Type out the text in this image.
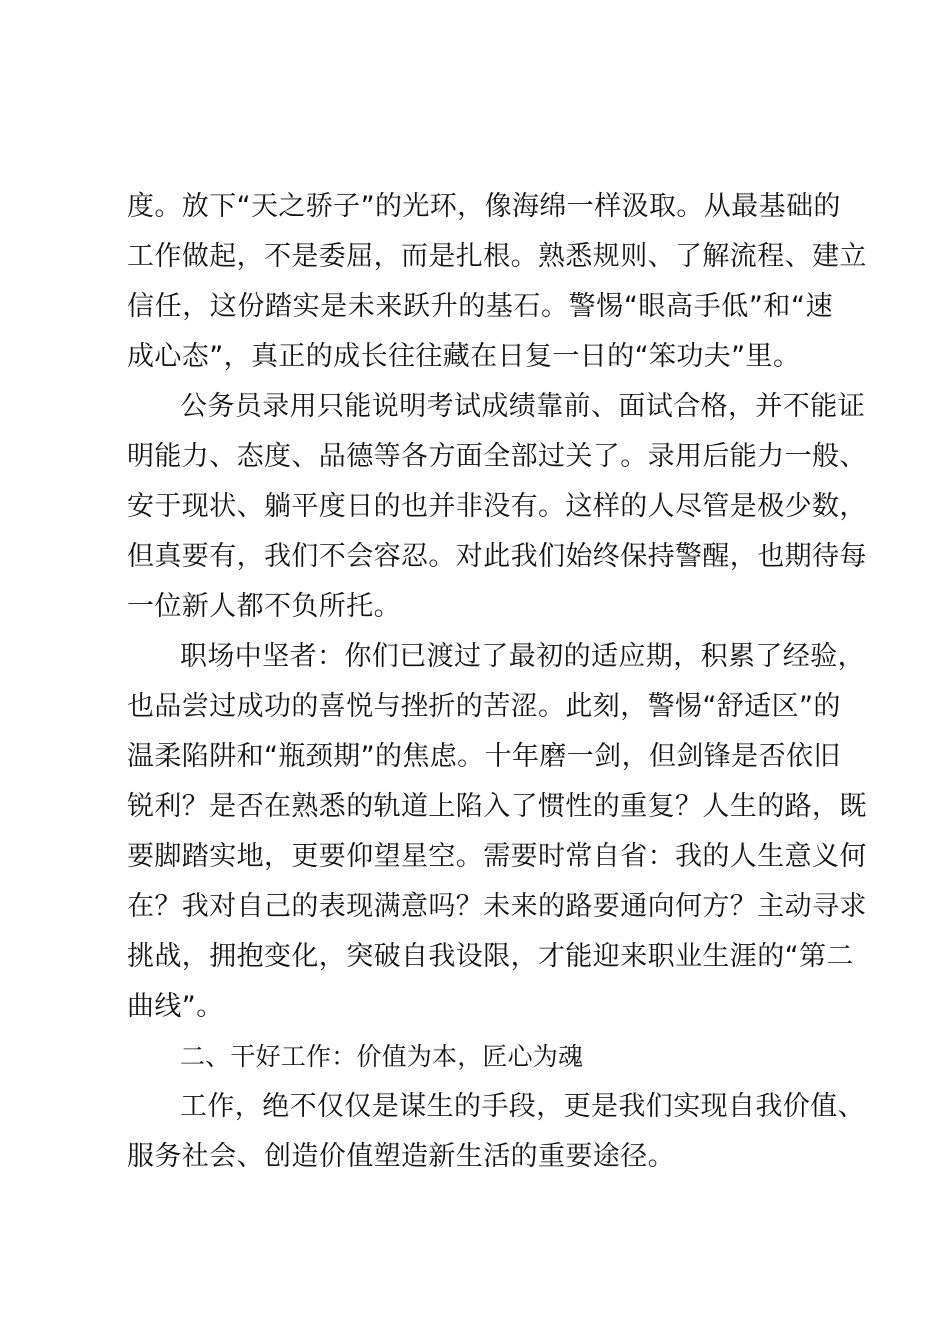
度。放下“天之骄子”的光环，像海绵一样汲取。从最基础的
工作做起，不是委屈，而是扎根。熟悉规则、了解流程、建立
信任，这份踏实是未来跃升的基石。警惕“眼高手低”和“速
成心态”，真正的成长往往藏在日复一日的“笨功夫”里。
公务员录用只能说明考试成绩靠前、面试合格，并不能证
明能力、态度、品德等各方面全部过关了。录用后能力一般、
安于现状、躺平度日的也并非没有。这样的人尽管是极少数，
但真要有，我们不会容忍。对此我们始终保持警醒，也期待每
一位新人都不负所托。
职场中坚者：你们已渡过了最初的适应期，积累了经验，
也品尝过成功的喜悦与挫折的苦涩。此刻，警惕“舒适区”的
温柔陷阱和“瓶颈期”的焦虑。十年磨一剑，但剑锋是否依旧
锐利？是否在熟悉的轨道上陷入了惯性的重复？人生的路，既
要脚踏实地，更要仰望星空。需要时常自省：我的人生意义何
在？我对自己的表现满意吗？未来的路要通向何方？主动寻求
挑战，拥抱变化，突破自我设限，才能迎来职业生涯的“第二
曲线”。
二、干好工作：价值为本，匠心为魂
工作，绝不仅仅是谋生的手段，更是我们实现自我价值、
服务社会、创造价值塑造新生活的重要途径。
